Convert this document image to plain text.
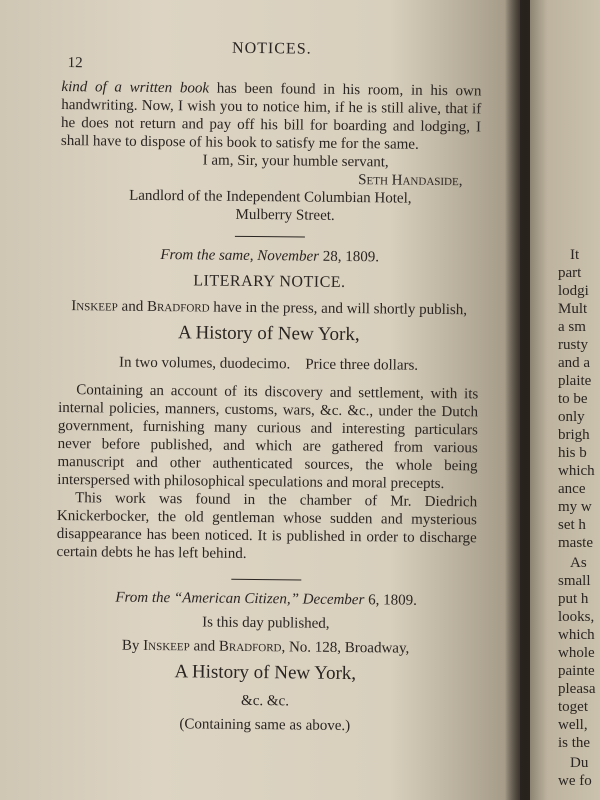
It
part
lodgi
Mult
a sm
rusty
and a
plaite
to be
only
brigh
his b
which
ance
my w
set h
maste
As
small
put h
looks,
which
whole
painte
pleasa
toget
well,
is the
Du
we fo
12
NOTICES.

kind of a written book has been found in his room, in his own handwriting. Now, I wish you to notice him, if he is still alive, that if he does not return and pay off his bill for boarding and lodging, I shall have to dispose of his book to satisfy me for the same.

I am, Sir, your humble servant,

Seth Handaside,

Landlord of the Independent Columbian Hotel,

Mulberry Street.

From the same, November 28, 1809.

LITERARY NOTICE.

Inskeep and Bradford have in the press, and will shortly publish,

A History of New York,
In two volumes, duodecimo.    Price three dollars.

Containing an account of its discovery and settlement, with its internal policies, manners, customs, wars, &c. &c., under the Dutch government, furnishing many curious and interesting particulars never before published, and which are gathered from various manuscript and other authenticated sources, the whole being interspersed with philosophical speculations and moral precepts.

This work was found in the chamber of Mr. Diedrich Knickerbocker, the old gentleman whose sudden and mysterious disappearance has been noticed. It is published in order to discharge certain debts he has left behind.

From the “American Citizen,” December 6, 1809.

Is this day published,

By Inskeep and Bradford, No. 128, Broadway,

A History of New York,

&c. &c.

(Containing same as above.)
